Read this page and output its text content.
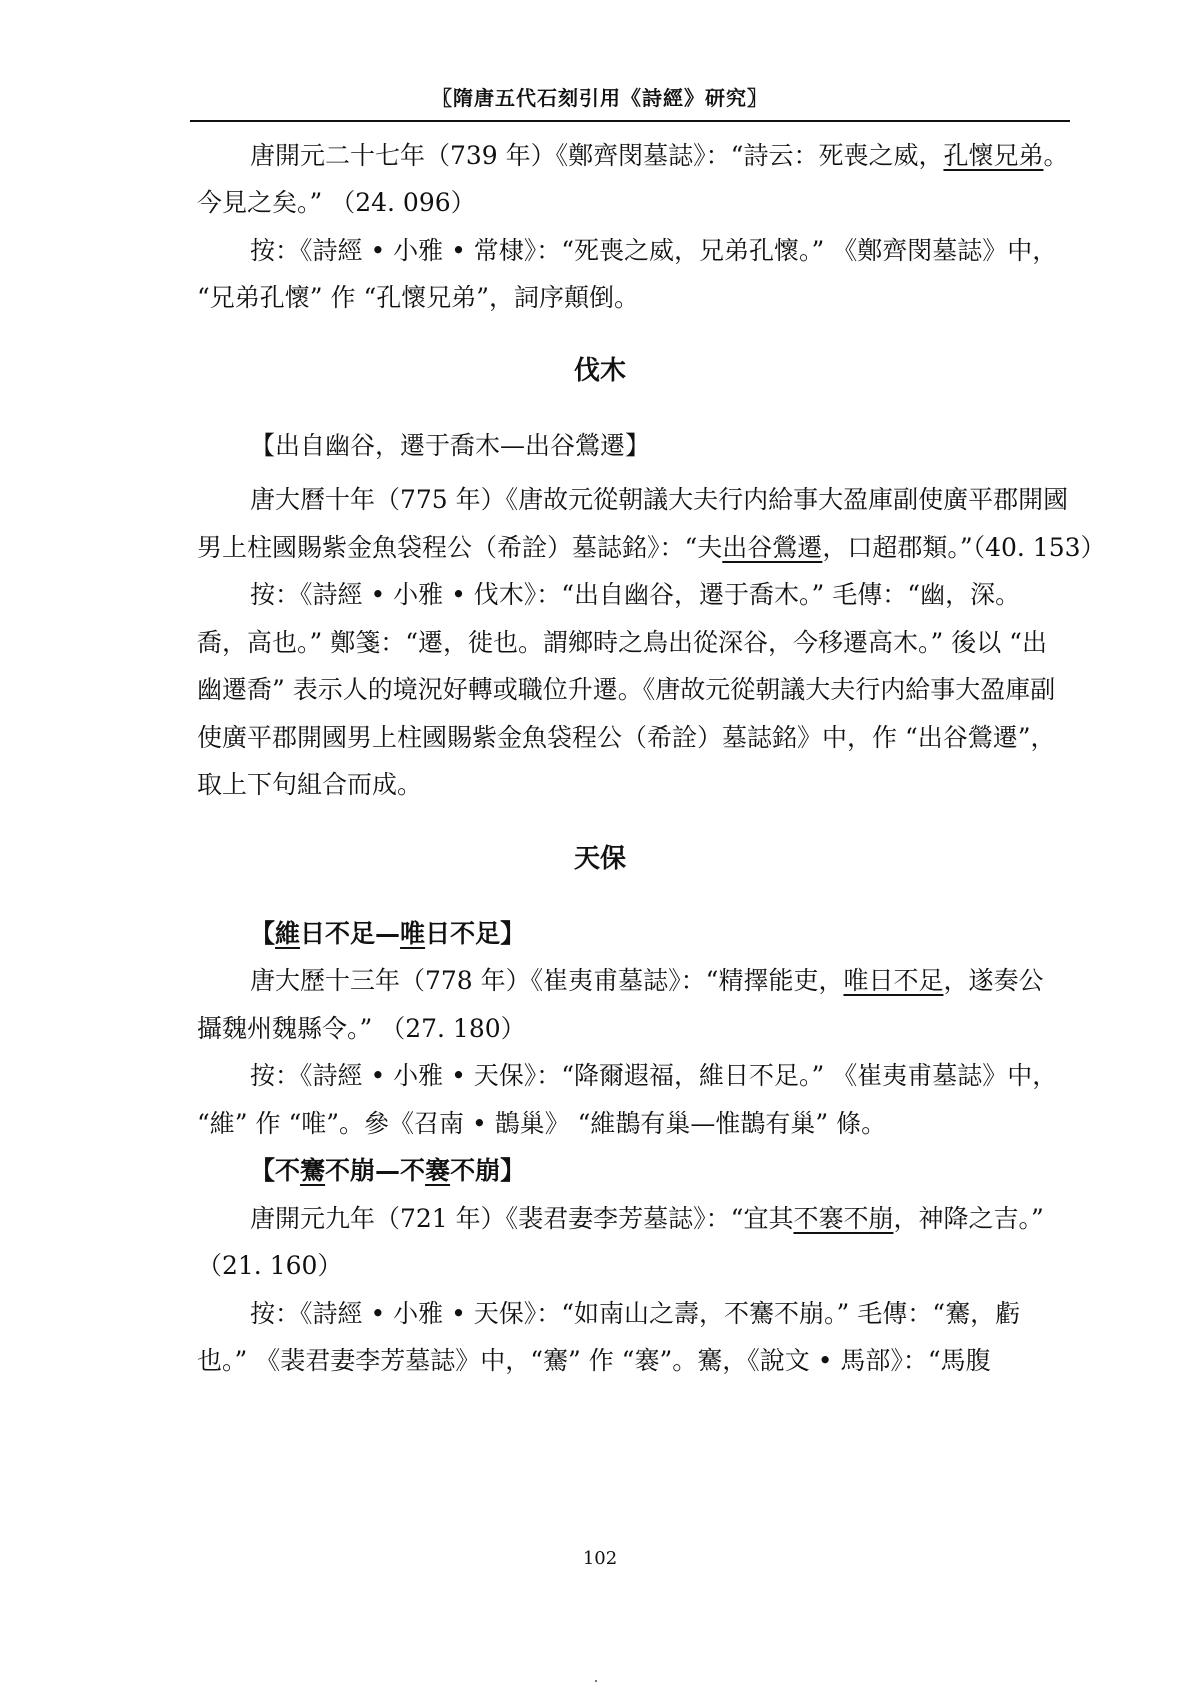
〖隋唐五代石刻引用《詩經》研究〗
唐開元二十七年（739 年）《鄭齊閔墓誌》：“詩云：死喪之威，孔懷兄弟。
今見之矣。” （24. 096）
按：《詩經 • 小雅 • 常棣》：“死喪之威，兄弟孔懷。” 《鄭齊閔墓誌》中，
“兄弟孔懷” 作 “孔懷兄弟”，詞序顛倒。
伐木
【出自幽谷，遷于喬木—出谷鶯遷】
唐大曆十年（775 年）《唐故元從朝議大夫行内給事大盈庫副使廣平郡開國
男上柱國賜紫金魚袋程公（希詮）墓誌銘》：“夫出谷鶯遷，口超郡類。”（40. 153）
按：《詩經 • 小雅 • 伐木》：“出自幽谷，遷于喬木。” 毛傳：“幽，深。
喬，高也。” 鄭箋：“遷，徙也。謂鄉時之鳥出從深谷，今移遷高木。” 後以 “出
幽遷喬” 表示人的境況好轉或職位升遷。《唐故元從朝議大夫行内給事大盈庫副
使廣平郡開國男上柱國賜紫金魚袋程公（希詮）墓誌銘》中，作 “出谷鶯遷”，
取上下句組合而成。
天保
【維日不足—唯日不足】
唐大歷十三年（778 年）《崔夷甫墓誌》：“精擇能吏，唯日不足，遂奏公
攝魏州魏縣令。” （27. 180）
按：《詩經 • 小雅 • 天保》：“降爾遐福，維日不足。” 《崔夷甫墓誌》中，
“維” 作 “唯”。參《召南 • 鵲巢》 “維鵲有巢—惟鵲有巢” 條。
【不騫不崩—不褰不崩】
唐開元九年（721 年）《裴君妻李芳墓誌》：“宜其不褰不崩，神降之吉。”
（21. 160）
按：《詩經 • 小雅 • 天保》：“如南山之壽，不騫不崩。” 毛傳：“騫，虧
也。” 《裴君妻李芳墓誌》中，“騫” 作 “褰”。騫，《說文 • 馬部》：“馬腹
102
